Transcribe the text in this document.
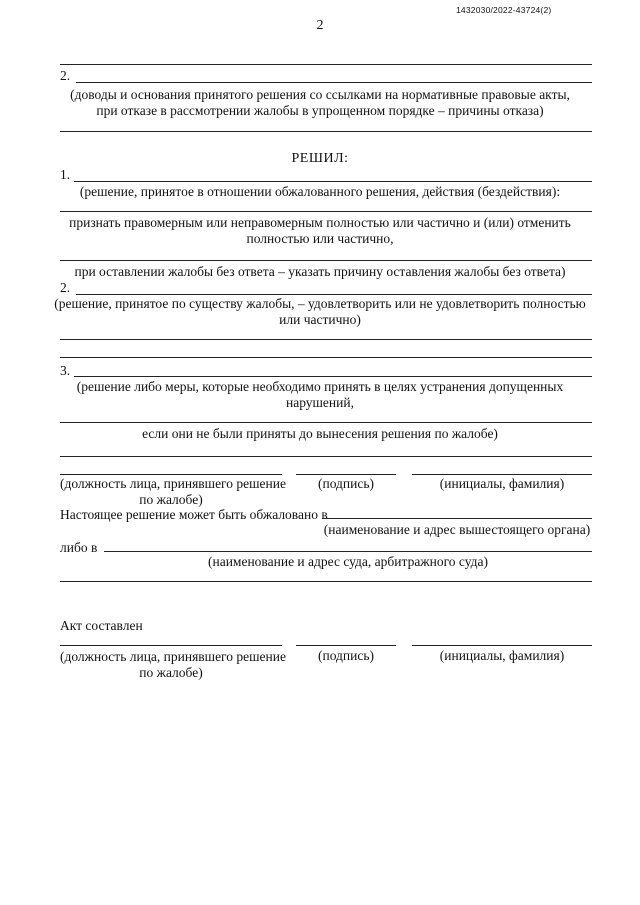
1432030/2022-43724(2)
2
2.
(доводы и основания принятого решения со ссылками на нормативные правовые акты,
при отказе в рассмотрении жалобы в упрощенном порядке – причины отказа)
РЕШИЛ:
1.
(решение, принятое в отношении обжалованного решения, действия (бездействия):
признать правомерным или неправомерным полностью или частично и (или) отменить
полностью или частично,
при оставлении жалобы без ответа – указать причину оставления жалобы без ответа)
2.
(решение, принятое по существу жалобы, – удовлетворить или не удовлетворить полностью
или частично)
3.
(решение либо меры, которые необходимо принять в целях устранения допущенных
нарушений,
если они не были приняты до вынесения решения по жалобе)
(должность лица, принявшего решение
по жалобе)
(подпись)	(инициалы, фамилия)
Настоящее решение может быть обжаловано в
(наименование и адрес вышестоящего органа)
либо в
(наименование и адрес суда, арбитражного суда)
Акт составлен
(должность лица, принявшего решение
по жалобе)
(подпись)	(инициалы, фамилия)
